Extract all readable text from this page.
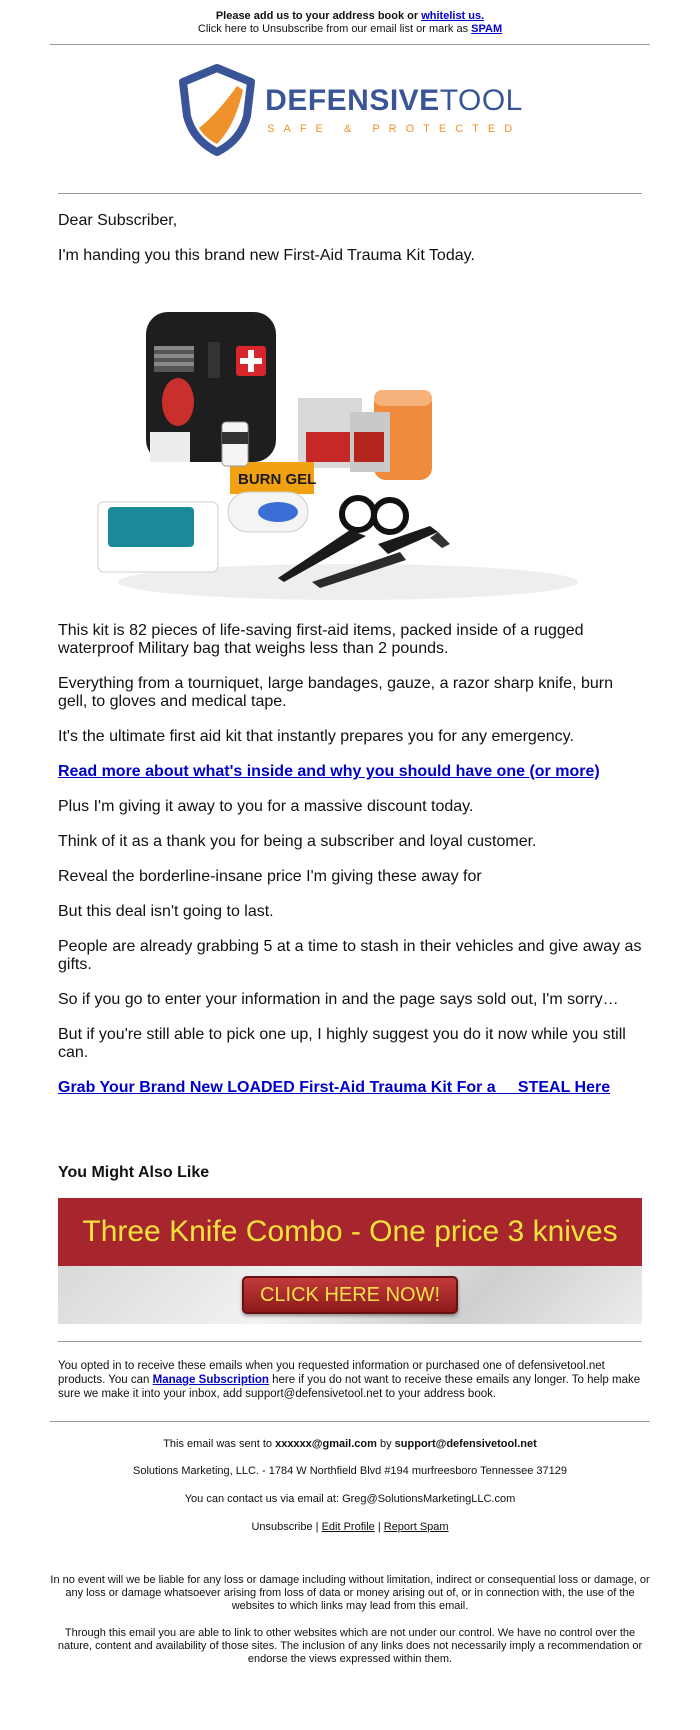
Please add us to your address book or whitelist us.
Click here to Unsubscribe from our email list or mark as SPAM
DEFENSIVETOOL
SAFE & PROTECTED

Dear Subscriber,

I'm handing you this brand new First-Aid Trauma Kit Today.

BURN GEL

This kit is 82 pieces of life-saving first-aid items, packed inside of a rugged waterproof Military bag that weighs less than 2 pounds.

Everything from a tourniquet, large bandages, gauze, a razor sharp knife, burn gell, to gloves and medical tape.

It's the ultimate first aid kit that instantly prepares you for any emergency.

Read more about what's inside and why you should have one (or more)

Plus I'm giving it away to you for a massive discount today.

Think of it as a thank you for being a subscriber and loyal customer.

Reveal the borderline-insane price I'm giving these away for

But this deal isn't going to last.

People are already grabbing 5 at a time to stash in their vehicles and give away as gifts.

So if you go to enter your information in and the page says sold out, I'm sorry…

But if you're still able to pick one up, I highly suggest you do it now while you still can.

Grab Your Brand New LOADED First-Aid Trauma Kit For a     STEAL Here

You Might Also Like
Three Knife Combo - One price 3 knives
CLICK HERE NOW!
You opted in to receive these emails when you requested information or purchased one of defensivetool.net products. You can Manage Subscription here if you do not want to receive these emails any longer. To help make sure we make it into your inbox, add support@defensivetool.net to your address book.
This email was sent to xxxxxx@gmail.com by support@defensivetool.net
Solutions Marketing, LLC. - 1784 W Northfield Blvd #194 murfreesboro Tennessee 37129
You can contact us via email at: Greg@SolutionsMarketingLLC.com
Unsubscribe | Edit Profile | Report Spam
In no event will we be liable for any loss or damage including without limitation, indirect or consequential loss or damage, or any loss or damage whatsoever arising from loss of data or money arising out of, or in connection with, the use of the websites to which links may lead from this email.
Through this email you are able to link to other websites which are not under our control. We have no control over the nature, content and availability of those sites. The inclusion of any links does not necessarily imply a recommendation or endorse the views expressed within them.
